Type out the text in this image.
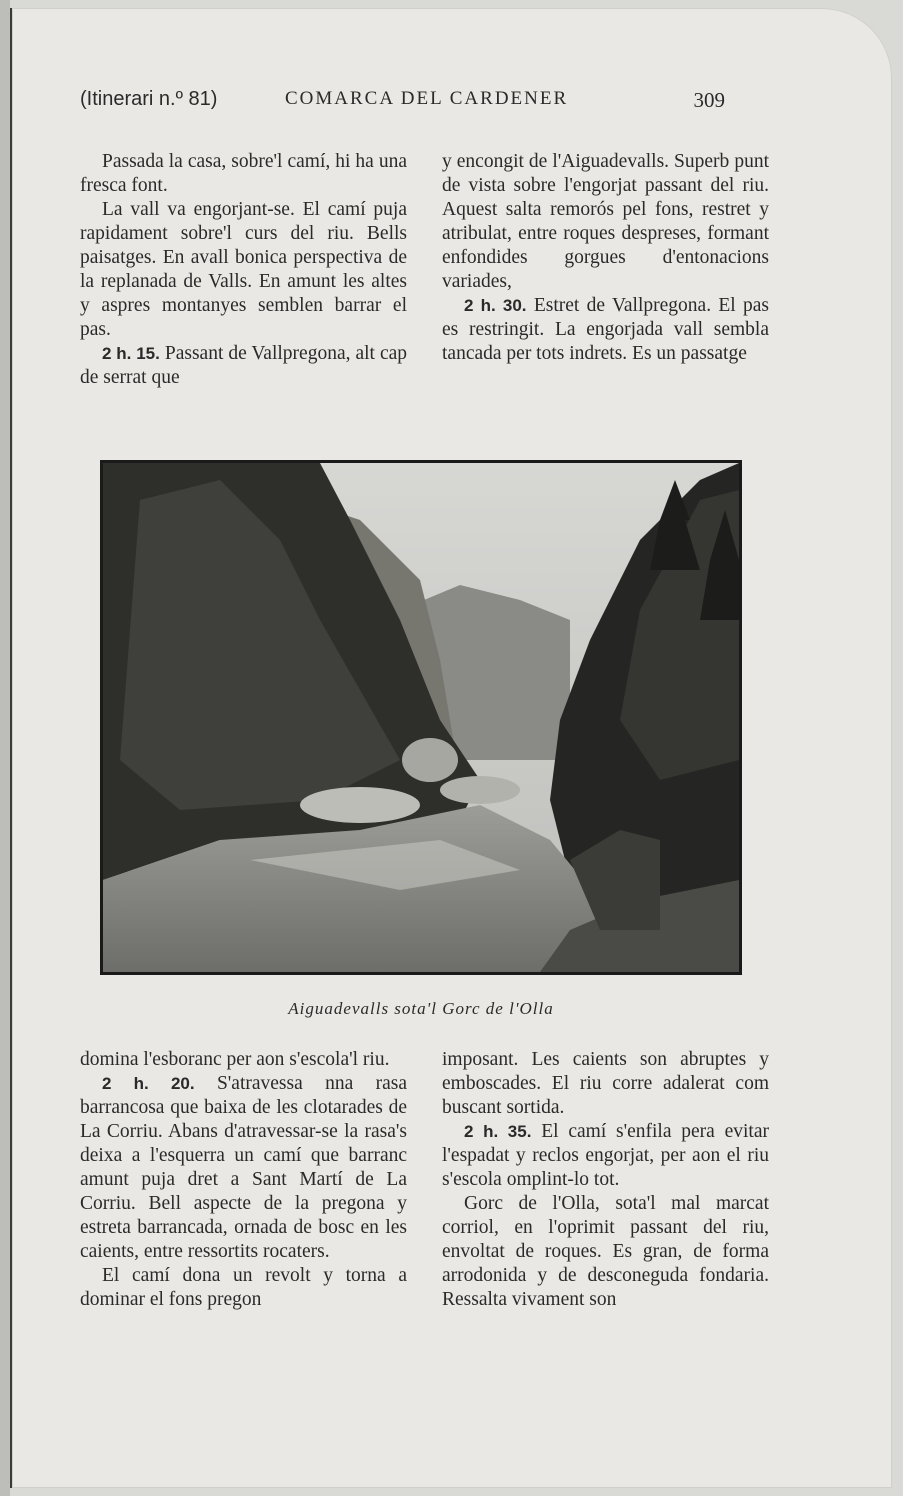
(Itinerari n.º 81)	COMARCA DEL CARDENER	309

Passada la casa, sobre'l camí, hi ha una fresca font.

La vall va engorjant-se. El camí puja rapidament sobre'l curs del riu. Bells paisatges. En avall bonica perspectiva de la replanada de Valls. En amunt les altes y aspres montanyes semblen barrar el pas.

2 h. 15. Passant de Vallpregona, alt cap de serrat que

y encongit de l'Aiguadevalls. Superb punt de vista sobre l'engorjat passant del riu. Aquest salta remorós pel fons, restret y atribulat, entre roques despreses, formant enfondides gorgues d'entonacions variades,

2 h. 30. Estret de Vallpregona. El pas es restringit. La engorjada vall sembla tancada per tots indrets. Es un passatge

Aiguadevalls sota'l Gorc de l'Olla

domina l'esboranc per aon s'escola'l riu.

2 h. 20. S'atravessa nna rasa barrancosa que baixa de les clotarades de La Corriu. Abans d'atravessar-se la rasa's deixa a l'esquerra un camí que barranc amunt puja dret a Sant Martí de La Corriu. Bell aspecte de la pregona y estreta barrancada, ornada de bosc en les caients, entre ressortits rocaters.

El camí dona un revolt y torna a dominar el fons pregon

imposant. Les caients son abruptes y emboscades. El riu corre adalerat com buscant sortida.

2 h. 35. El camí s'enfila pera evitar l'espadat y reclos engorjat, per aon el riu s'escola omplint-lo tot.

Gorc de l'Olla, sota'l mal marcat corriol, en l'oprimit passant del riu, envoltat de roques. Es gran, de forma arrodonida y de desconeguda fondaria. Ressalta vivament son
